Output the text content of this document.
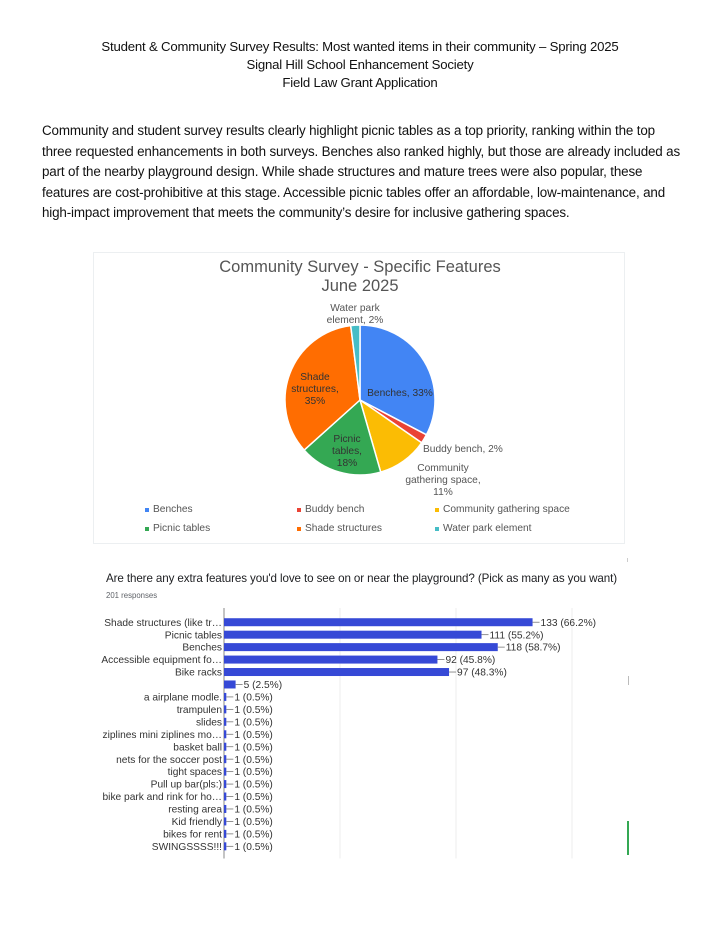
Student & Community Survey Results: Most wanted items in their community – Spring 2025
Signal Hill School Enhancement Society
Field Law Grant Application
Community and student survey results clearly highlight picnic tables as a top priority, ranking within the top three requested enhancements in both surveys. Benches also ranked highly, but those are already included as part of the nearby playground design. While shade structures and mature trees were also popular, these features are cost-prohibitive at this stage. Accessible picnic tables offer an affordable, low-maintenance, and high-impact improvement that meets the community’s desire for inclusive gathering spaces.
Community Survey - Specific Features
June 2025
Benches, 33%
Buddy bench, 2%
Community gathering space, 11%
Picnic tables, 18%
Shade structures, 35%
Water park element, 2%
Benches	Buddy bench	Community gathering space
Picnic tables	Shade structures	Water park element
Are there any extra features you'd love to see on or near the playground? (Pick as many as you want)
201 responses
Shade structures (like tr…	133 (66.2%)
Picnic tables	111 (55.2%)
Benches	118 (58.7%)
Accessible equipment fo…	92 (45.8%)
Bike racks	97 (48.3%)
5 (2.5%)
a airplane modle. 1 (0.5%)
trampulen 1 (0.5%)
slides 1 (0.5%)
ziplines mini ziplines mo… 1 (0.5%)
basket ball 1 (0.5%)
nets for the soccer post 1 (0.5%)
tight spaces 1 (0.5%)
Pull up bar(pls:) 1 (0.5%)
bike park and rink for ho… 1 (0.5%)
resting area 1 (0.5%)
Kid friendly 1 (0.5%)
bikes for rent 1 (0.5%)
SWINGSSSS!!! 1 (0.5%)
